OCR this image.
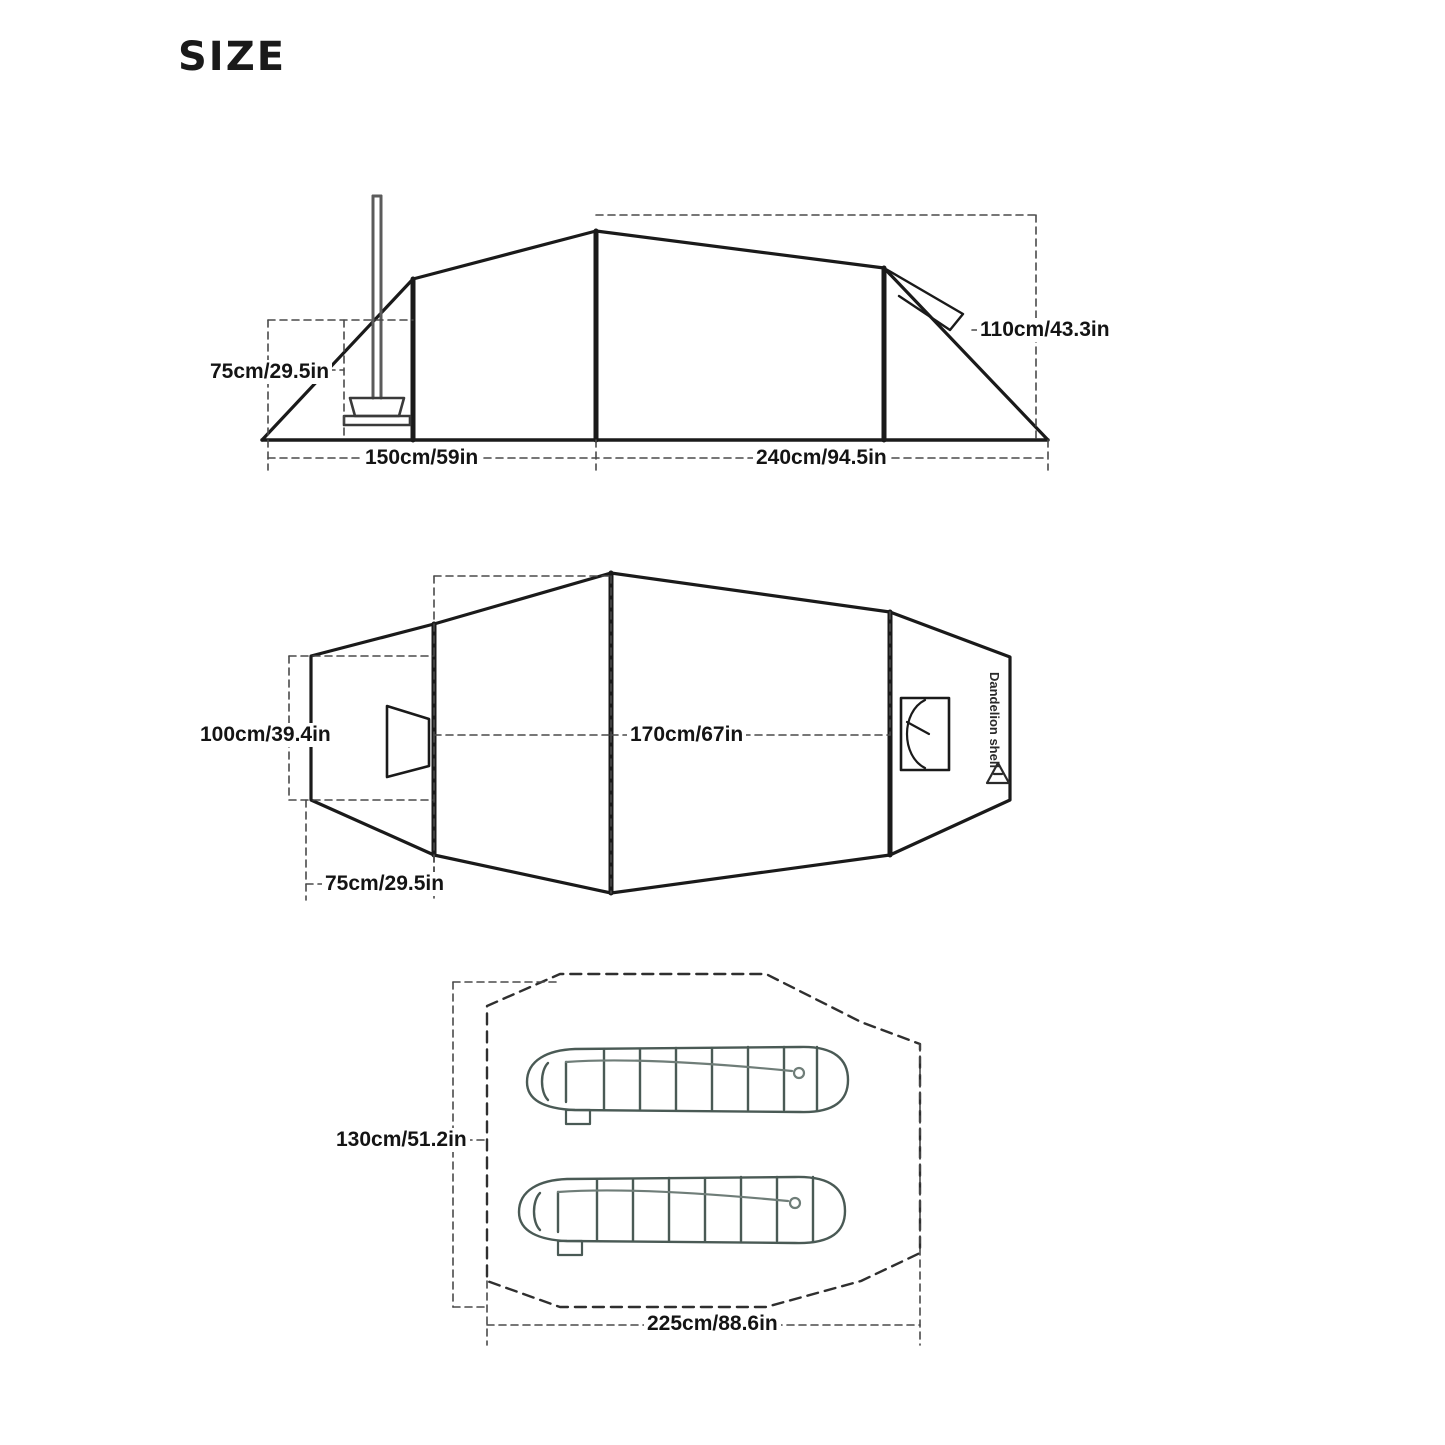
SIZE
75cm/29.5in
110cm/43.3in
150cm/59in	240cm/94.5in
100cm/39.4in	170cm/67in
75cm/29.5in
130cm/51.2in
225cm/88.6in
Dandelion shell
